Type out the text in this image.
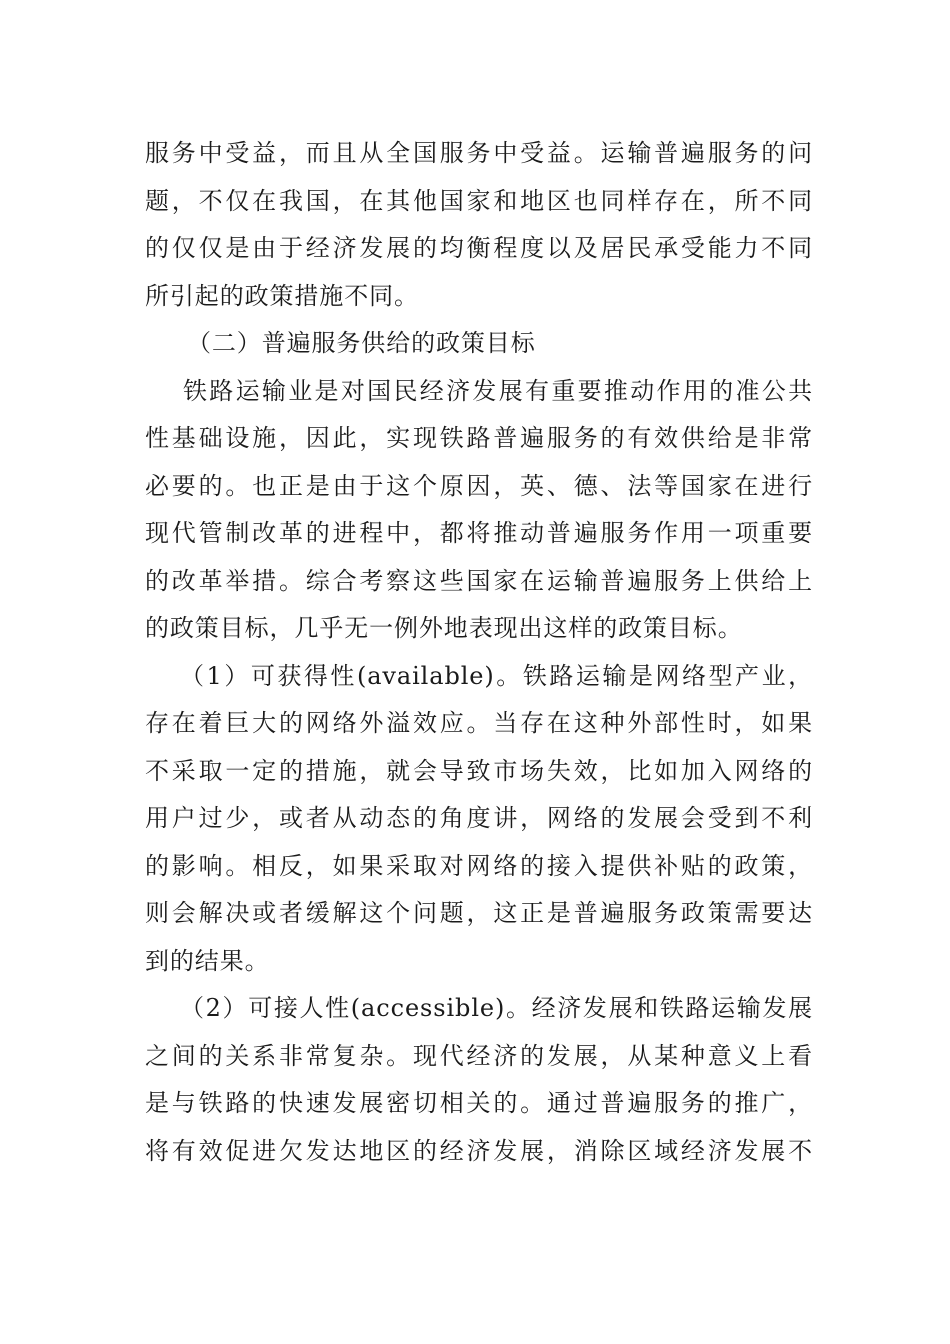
服务中受益，而且从全国服务中受益。运输普遍服务的问
题，不仅在我国，在其他国家和地区也同样存在，所不同
的仅仅是由于经济发展的均衡程度以及居民承受能力不同
所引起的政策措施不同。
（二）普遍服务供给的政策目标
铁路运输业是对国民经济发展有重要推动作用的准公共
性基础设施，因此，实现铁路普遍服务的有效供给是非常
必要的。也正是由于这个原因，英、德、法等国家在进行
现代管制改革的进程中，都将推动普遍服务作用一项重要
的改革举措。综合考察这些国家在运输普遍服务上供给上
的政策目标，几乎无一例外地表现出这样的政策目标。
（1）可获得性(available)。铁路运输是网络型产业，
存在着巨大的网络外溢效应。当存在这种外部性时，如果
不采取一定的措施，就会导致市场失效，比如加入网络的
用户过少，或者从动态的角度讲，网络的发展会受到不利
的影响。相反，如果采取对网络的接入提供补贴的政策，
则会解决或者缓解这个问题，这正是普遍服务政策需要达
到的结果。
（2）可接人性(accessible)。经济发展和铁路运输发展
之间的关系非常复杂。现代经济的发展，从某种意义上看
是与铁路的快速发展密切相关的。通过普遍服务的推广，
将有效促进欠发达地区的经济发展，消除区域经济发展不
